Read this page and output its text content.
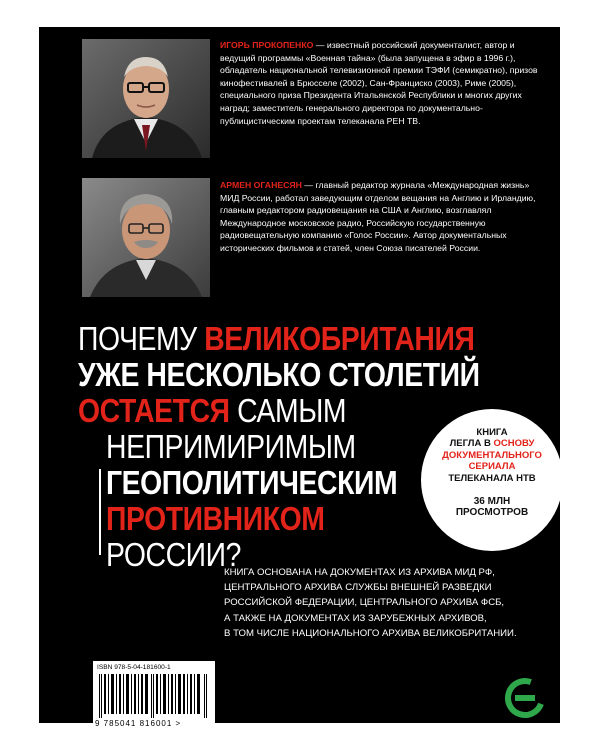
ИГОРЬ ПРОКОПЕНКО — известный российский документалист, автор и ведущий программы «Военная тайна» (была запущена в эфир в 1996 г.), обладатель национальной телевизионной премии ТЭФИ (семикратно), призов кинофестивалей в Брюсселе (2002), Сан-Франциско (2003), Риме (2005), специального приза Президента Итальянской Республики и многих других наград; заместитель генерального директора по документально-публицистическим проектам телеканала РЕН ТВ.
АРМЕН ОГАНЕСЯН — главный редактор журнала «Международная жизнь» МИД России, работал заведующим отделом вещания на Англию и Ирландию, главным редактором радиовещания на США и Англию, возглавлял Международное московское радио, Российскую государственную радиовещательную компанию «Голос России». Автор документальных исторических фильмов и статей, член Союза писателей России.
ПОЧЕМУ ВЕЛИКОБРИТАНИЯ
УЖЕ НЕСКОЛЬКО СТОЛЕТИЙ
ОСТАЕТСЯ САМЫМ
НЕПРИМИРИМЫМ
ГЕОПОЛИТИЧЕСКИМ
ПРОТИВНИКОМ
РОССИИ?
КНИГА
ЛЕГЛА В ОСНОВУ
ДОКУМЕНТАЛЬНОГО
СЕРИАЛА
ТЕЛЕКАНАЛА НТВ
36 МЛН
ПРОСМОТРОВ
КНИГА ОСНОВАНА НА ДОКУМЕНТАХ ИЗ АРХИВА МИД РФ,
ЦЕНТРАЛЬНОГО АРХИВА СЛУЖБЫ ВНЕШНЕЙ РАЗВЕДКИ
РОССИЙСКОЙ ФЕДЕРАЦИИ, ЦЕНТРАЛЬНОГО АРХИВА ФСБ,
А ТАКЖЕ НА ДОКУМЕНТАХ ИЗ ЗАРУБЕЖНЫХ АРХИВОВ,
В ТОМ ЧИСЛЕ НАЦИОНАЛЬНОГО АРХИВА ВЕЛИКОБРИТАНИИ.
ISBN 978-5-04-181600-1
9 785041 816001 >
